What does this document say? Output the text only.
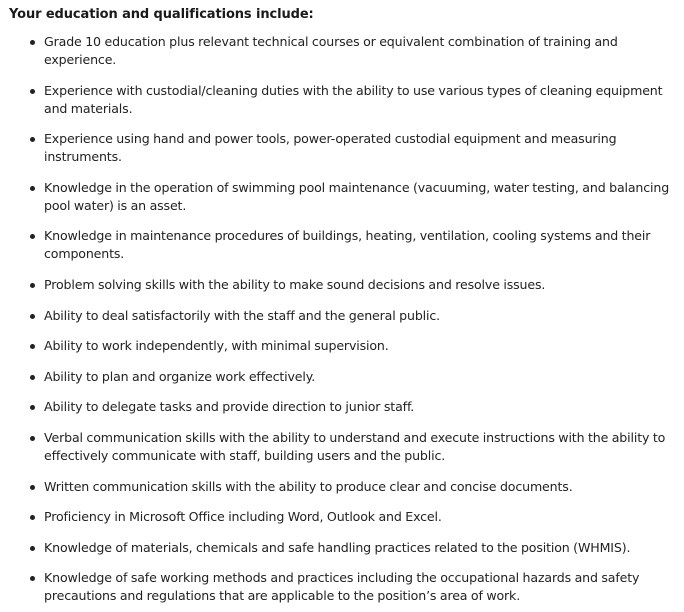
Your education and qualifications include:
Grade 10 education plus relevant technical courses or equivalent combination of training and experience.
Experience with custodial/cleaning duties with the ability to use various types of cleaning equipment and materials.
Experience using hand and power tools, power-operated custodial equipment and measuring instruments.
Knowledge in the operation of swimming pool maintenance (vacuuming, water testing, and balancing pool water) is an asset.
Knowledge in maintenance procedures of buildings, heating, ventilation, cooling systems and their components.
Problem solving skills with the ability to make sound decisions and resolve issues.
Ability to deal satisfactorily with the staff and the general public.
Ability to work independently, with minimal supervision.
Ability to plan and organize work effectively.
Ability to delegate tasks and provide direction to junior staff.
Verbal communication skills with the ability to understand and execute instructions with the ability to effectively communicate with staff, building users and the public.
Written communication skills with the ability to produce clear and concise documents.
Proficiency in Microsoft Office including Word, Outlook and Excel.
Knowledge of materials, chemicals and safe handling practices related to the position (WHMIS).
Knowledge of safe working methods and practices including the occupational hazards and safety precautions and regulations that are applicable to the position’s area of work.
